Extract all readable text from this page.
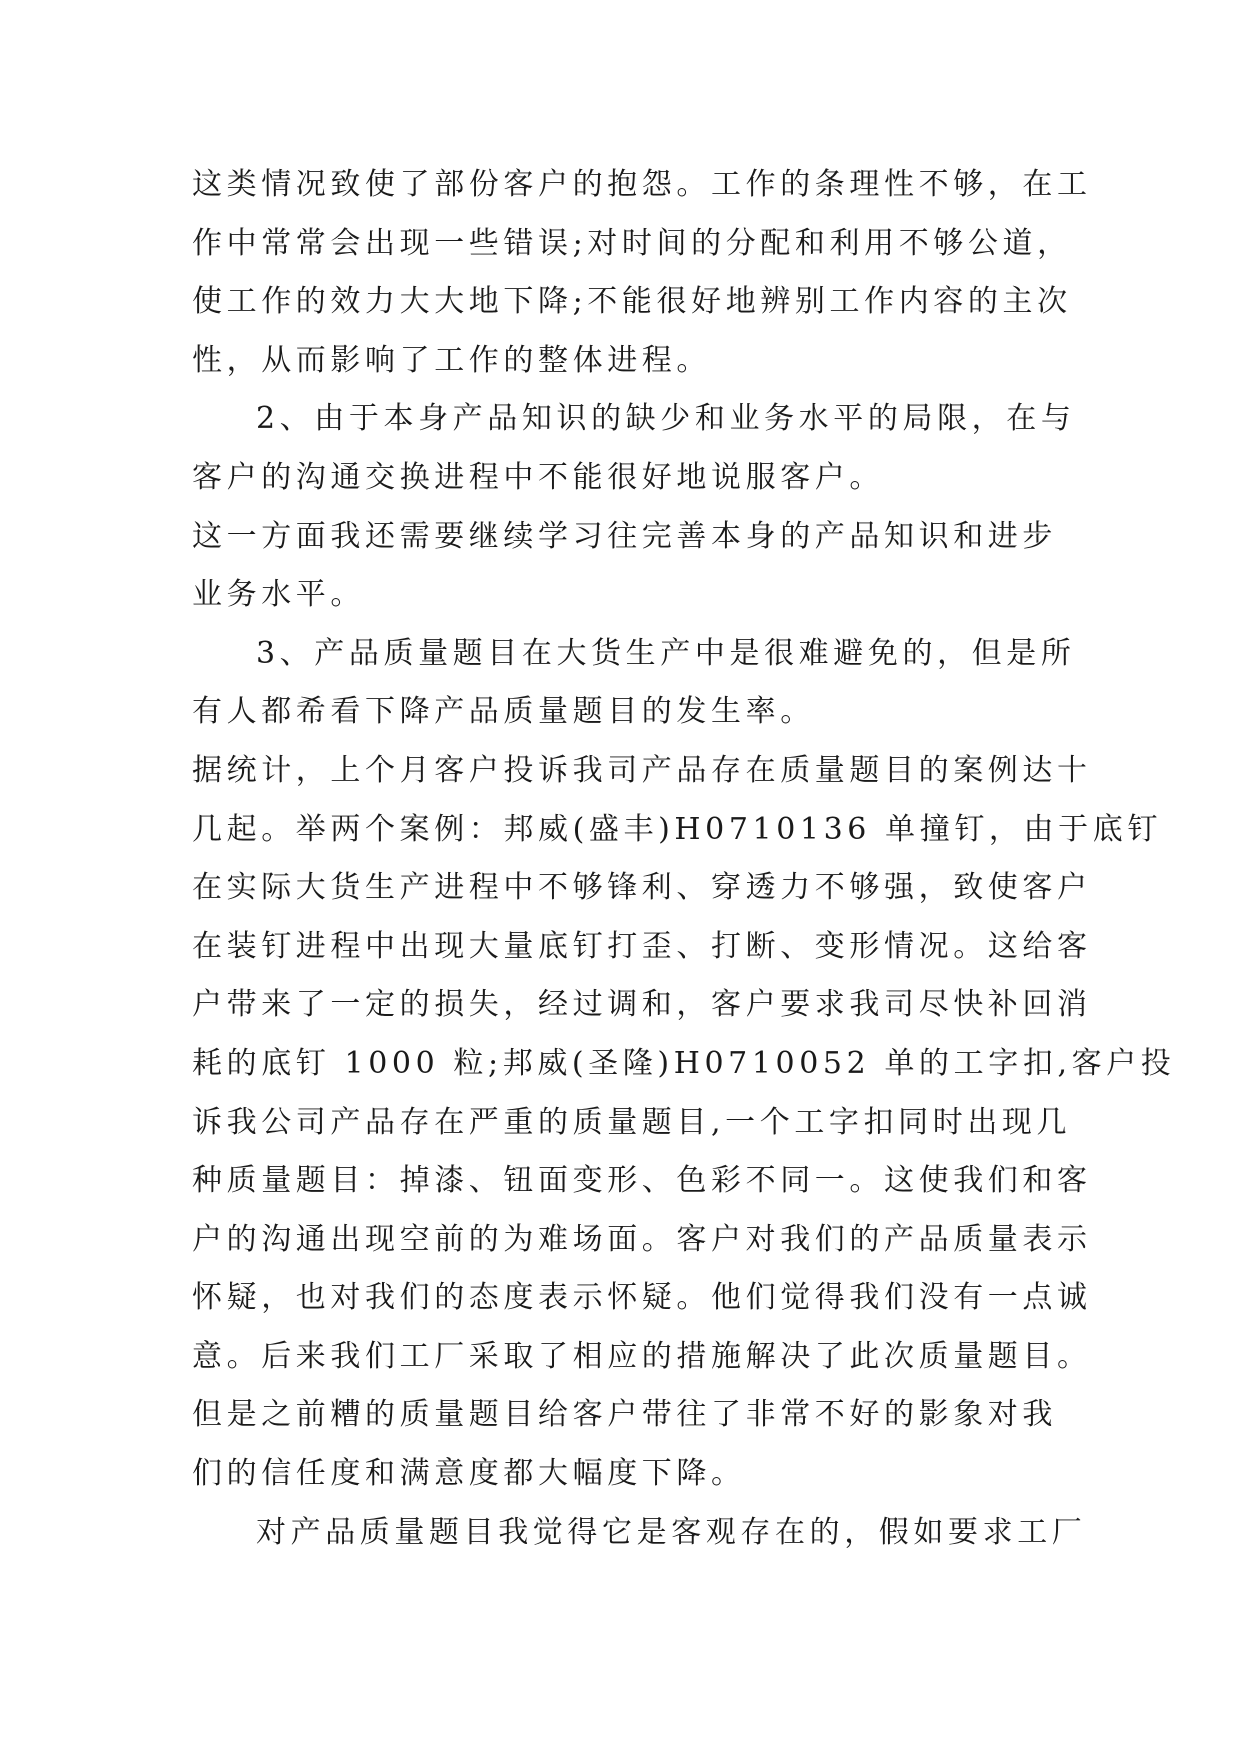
这类情况致使了部份客户的抱怨。工作的条理性不够，在工
作中常常会出现一些错误;对时间的分配和利用不够公道，
使工作的效力大大地下降;不能很好地辨别工作内容的主次
性，从而影响了工作的整体进程。
2、由于本身产品知识的缺少和业务水平的局限，在与
客户的沟通交换进程中不能很好地说服客户。
这一方面我还需要继续学习往完善本身的产品知识和进步
业务水平。
3、产品质量题目在大货生产中是很难避免的，但是所
有人都希看下降产品质量题目的发生率。
据统计，上个月客户投诉我司产品存在质量题目的案例达十
几起。举两个案例：邦威(盛丰)H0710136 单撞钉，由于底钉
在实际大货生产进程中不够锋利、穿透力不够强，致使客户
在装钉进程中出现大量底钉打歪、打断、变形情况。这给客
户带来了一定的损失，经过调和，客户要求我司尽快补回消
耗的底钉 1000 粒;邦威(圣隆)H0710052 单的工字扣,客户投
诉我公司产品存在严重的质量题目,一个工字扣同时出现几
种质量题目：掉漆、钮面变形、色彩不同一。这使我们和客
户的沟通出现空前的为难场面。客户对我们的产品质量表示
怀疑，也对我们的态度表示怀疑。他们觉得我们没有一点诚
意。后来我们工厂采取了相应的措施解决了此次质量题目。
但是之前糟的质量题目给客户带往了非常不好的影象对我
们的信任度和满意度都大幅度下降。
对产品质量题目我觉得它是客观存在的，假如要求工厂
